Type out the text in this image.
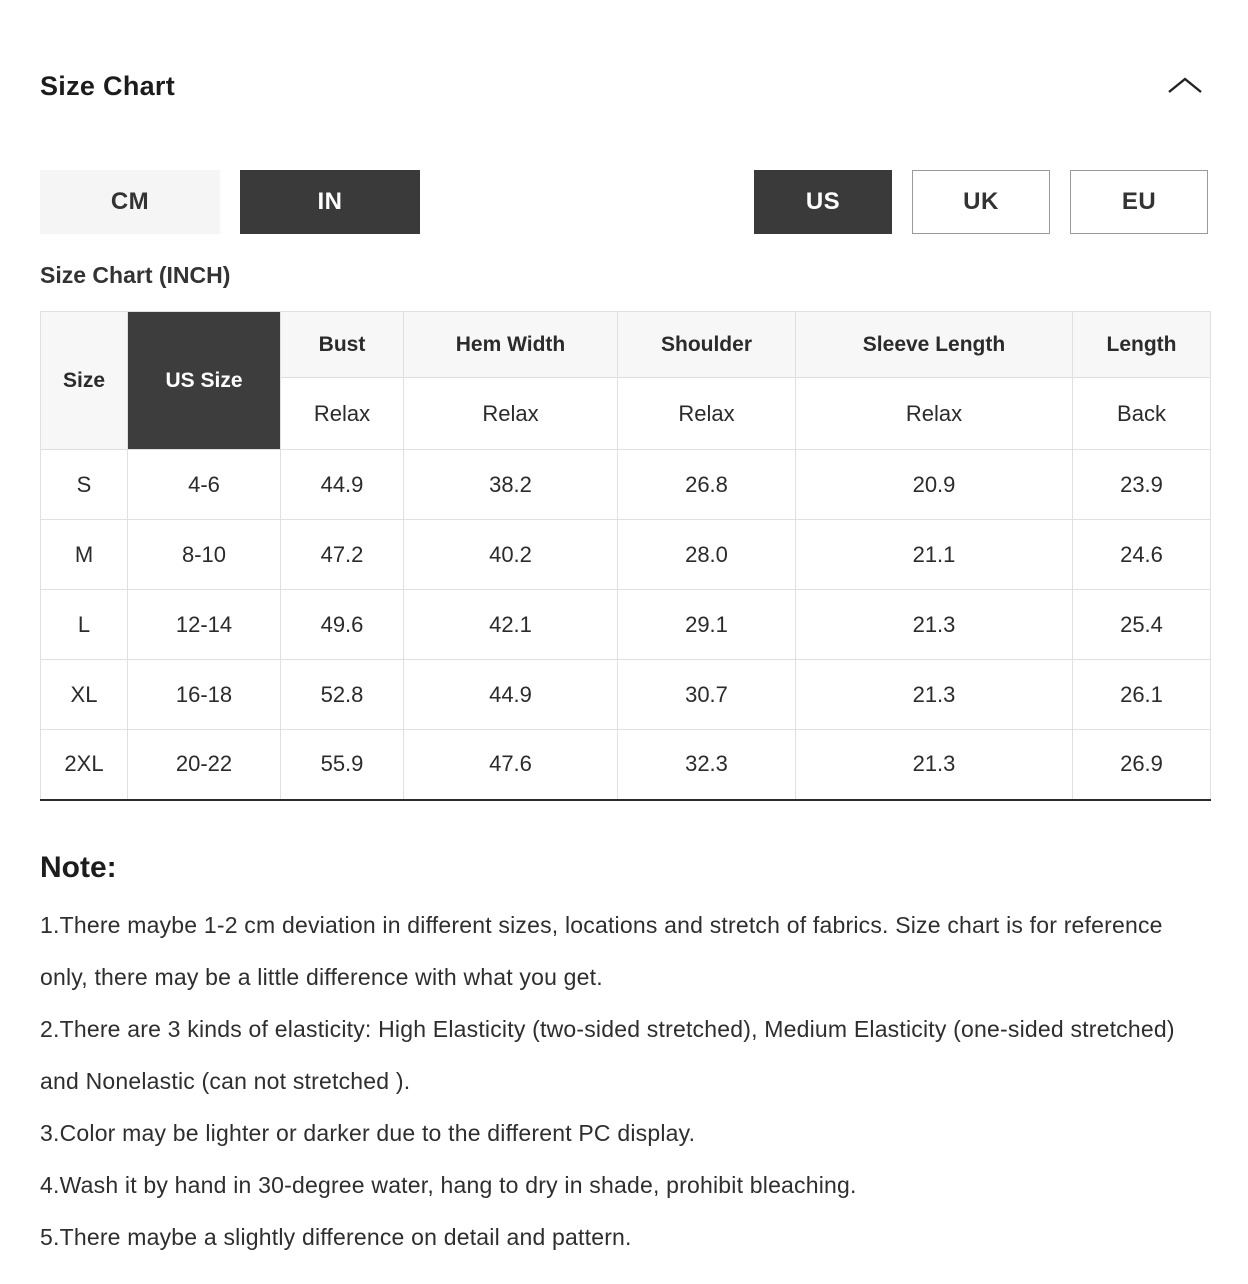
Size Chart
CM	IN	US	UK	EU
Size Chart (INCH)
Size	US Size	Bust	Hem Width	Shoulder	Sleeve Length	Length
		Relax	Relax	Relax	Relax	Back
S	4-6	44.9	38.2	26.8	20.9	23.9
M	8-10	47.2	40.2	28.0	21.1	24.6
L	12-14	49.6	42.1	29.1	21.3	25.4
XL	16-18	52.8	44.9	30.7	21.3	26.1
2XL	20-22	55.9	47.6	32.3	21.3	26.9
Note:

1.There maybe 1-2 cm deviation in different sizes, locations and stretch of fabrics. Size chart is for reference only, there may be a little difference with what you get.

2.There are 3 kinds of elasticity: High Elasticity (two-sided stretched), Medium Elasticity (one-sided stretched) and Nonelastic (can not stretched ).

3.Color may be lighter or darker due to the different PC display.

4.Wash it by hand in 30-degree water, hang to dry in shade, prohibit bleaching.

5.There maybe a slightly difference on detail and pattern.
